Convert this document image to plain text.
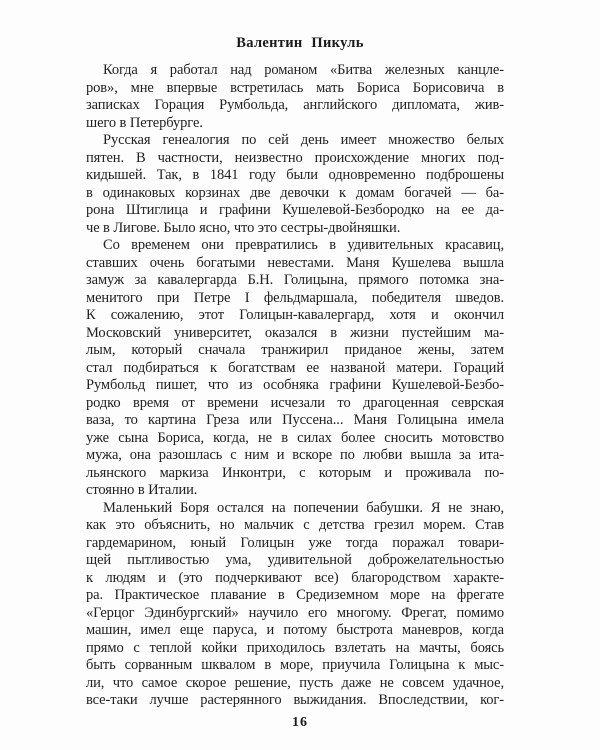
Валентин Пикуль
Когда я работал над романом «Битва железных канцле-
ров», мне впервые встретилась мать Бориса Борисовича в
записках Горация Румбольда, английского дипломата, жив-
шего в Петербурге.
Русская генеалогия по сей день имеет множество белых
пятен. В частности, неизвестно происхождение многих под-
кидышей. Так, в 1841 году были одновременно подброшены
в одинаковых корзинах две девочки к домам богачей — ба-
рона Штиглица и графини Кушелевой-Безбородко на ее да-
че в Лигове. Было ясно, что это сестры-двойняшки.
Со временем они превратились в удивительных красавиц,
ставших очень богатыми невестами. Маня Кушелева вышла
замуж за кавалергарда Б.Н. Голицына, прямого потомка зна-
менитого при Петре I фельдмаршала, победителя шведов.
К сожалению, этот Голицын-кавалергард, хотя и окончил
Московский университет, оказался в жизни пустейшим ма-
лым, который сначала транжирил приданое жены, затем
стал подбираться к богатствам ее названой матери. Гораций
Румбольд пишет, что из особняка графини Кушелевой-Безбо-
родко время от времени исчезали то драгоценная севрская
ваза, то картина Греза или Пуссена... Маня Голицына имела
уже сына Бориса, когда, не в силах более сносить мотовство
мужа, она разошлась с ним и вскоре по любви вышла за ита-
льянского маркиза Инконтри, с которым и проживала по-
стоянно в Италии.
Маленький Боря остался на попечении бабушки. Я не знаю,
как это объяснить, но мальчик с детства грезил морем. Став
гардемарином, юный Голицын уже тогда поражал товари-
щей пытливостью ума, удивительной доброжелательностью
к людям и (это подчеркивают все) благородством характе-
ра. Практическое плавание в Средиземном море на фрегате
«Герцог Эдинбургский» научило его многому. Фрегат, помимо
машин, имел еще паруса, и потому быстрота маневров, когда
прямо с теплой койки приходилось взлетать на мачты, боясь
быть сорванным шквалом в море, приучила Голицына к мыс-
ли, что самое скорое решение, пусть даже не совсем удачное,
все-таки лучше растерянного выжидания. Впоследствии, ког-
16
